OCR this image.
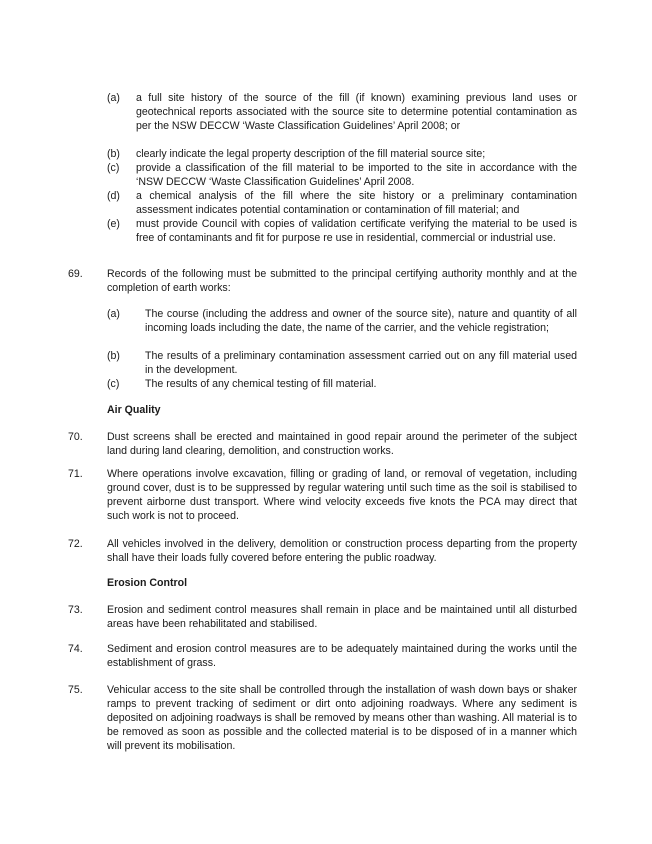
(a)	a full site history of the source of the fill (if known) examining previous land uses or geotechnical reports associated with the source site to determine potential contamination as per the NSW DECCW ‘Waste Classification Guidelines’ April 2008; or
(b)	clearly indicate the legal property description of the fill material source site;
(c)	provide a classification of the fill material to be imported to the site in accordance with the ‘NSW DECCW ‘Waste Classification Guidelines’ April 2008.
(d)	a chemical analysis of the fill where the site history or a preliminary contamination assessment indicates potential contamination or contamination of fill material; and
(e)	must provide Council with copies of validation certificate verifying the material to be used is free of contaminants and fit for purpose re use in residential, commercial or industrial use.
69.	Records of the following must be submitted to the principal certifying authority monthly and at the completion of earth works:
(a)	The course (including the address and owner of the source site), nature and quantity of all incoming loads including the date, the name of the carrier, and the vehicle registration;
(b)	The results of a preliminary contamination assessment carried out on any fill material used in the development.
(c)	The results of any chemical testing of fill material.
Air Quality
70.	Dust screens shall be erected and maintained in good repair around the perimeter of the subject land during land clearing, demolition, and construction works.
71.	Where operations involve excavation, filling or grading of land, or removal of vegetation, including ground cover, dust is to be suppressed by regular watering until such time as the soil is stabilised to prevent airborne dust transport. Where wind velocity exceeds five knots the PCA may direct that such work is not to proceed.
72.	All vehicles involved in the delivery, demolition or construction process departing from the property shall have their loads fully covered before entering the public roadway.
Erosion Control
73.	Erosion and sediment control measures shall remain in place and be maintained until all disturbed areas have been rehabilitated and stabilised.
74.	Sediment and erosion control measures are to be adequately maintained during the works until the establishment of grass.
75.	Vehicular access to the site shall be controlled through the installation of wash down bays or shaker ramps to prevent tracking of sediment or dirt onto adjoining roadways. Where any sediment is deposited on adjoining roadways is shall be removed by means other than washing. All material is to be removed as soon as possible and the collected material is to be disposed of in a manner which will prevent its mobilisation.
